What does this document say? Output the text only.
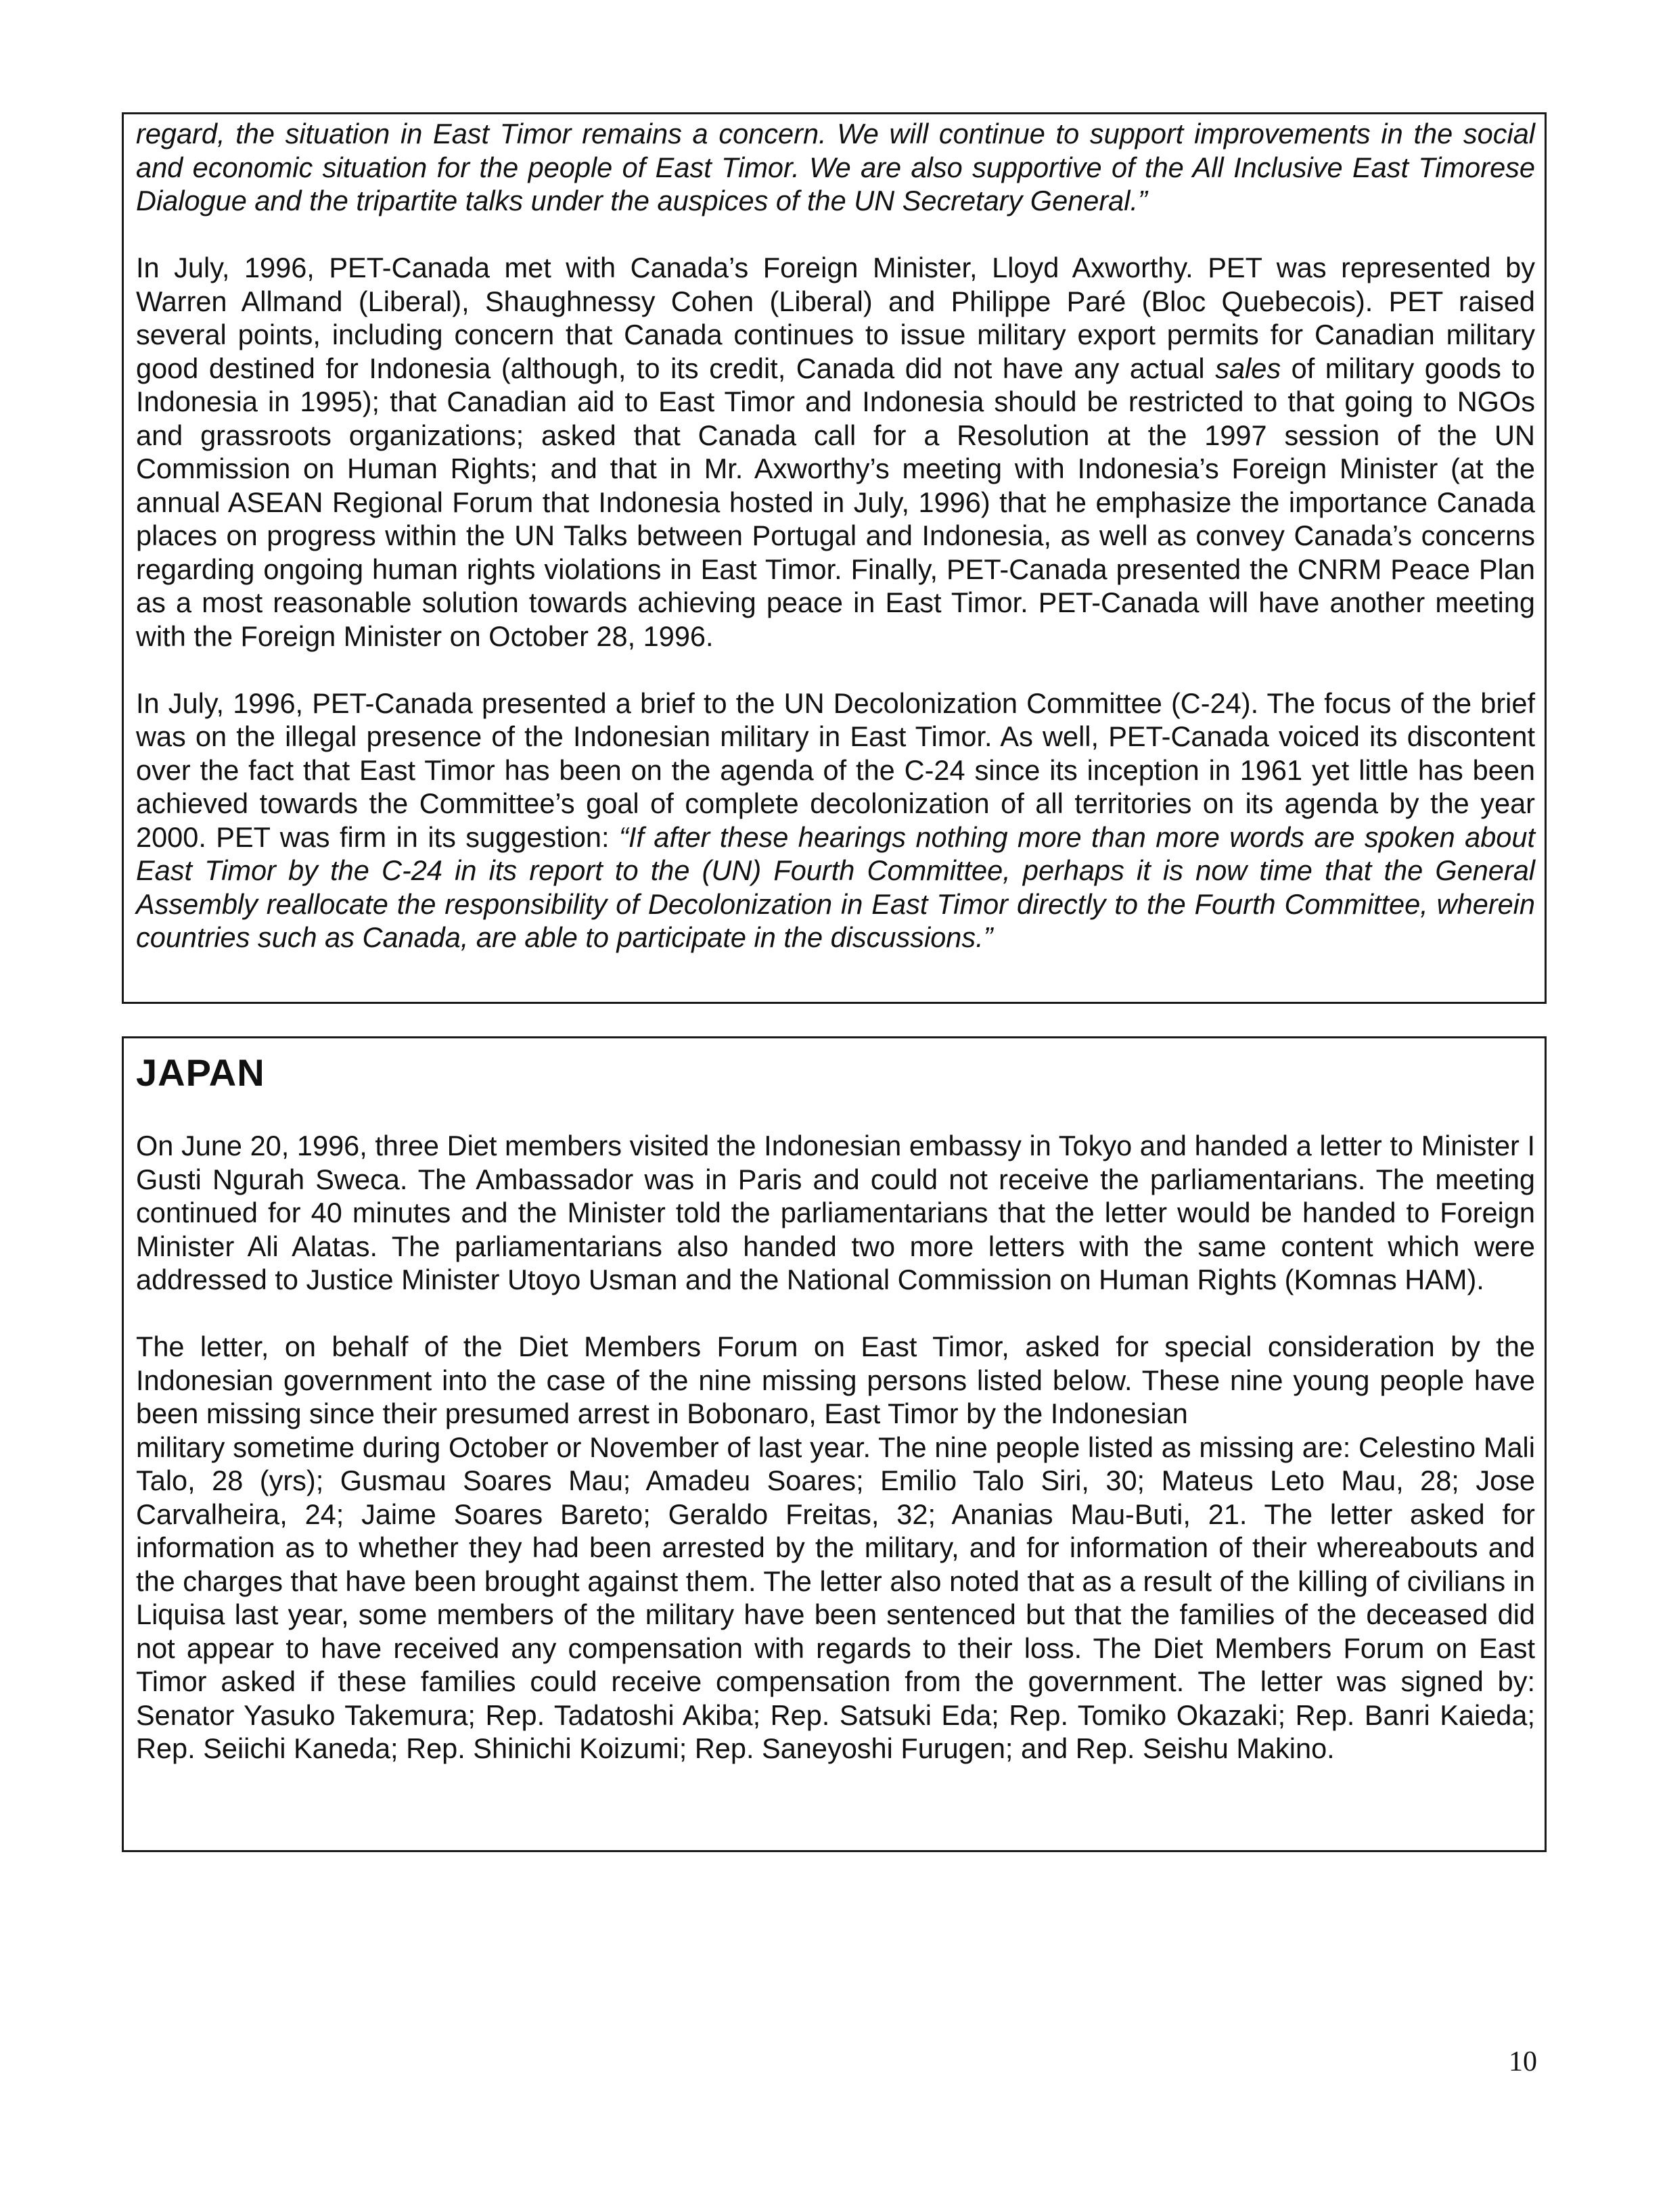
regard, the situation in East Timor remains a concern. We will continue to support improvements in the social and economic situation for the people of East Timor. We are also supportive of the All Inclusive East Timorese Dialogue and the tripartite talks under the auspices of the UN Secretary General.”

In July, 1996, PET-Canada met with Canada’s Foreign Minister, Lloyd Axworthy. PET was represented by Warren Allmand (Liberal), Shaughnessy Cohen (Liberal) and Philippe Paré (Bloc Quebecois). PET raised several points, including concern that Canada continues to issue military export permits for Canadian military good destined for Indonesia (although, to its credit, Canada did not have any actual sales of military goods to Indonesia in 1995); that Canadian aid to East Timor and Indonesia should be restricted to that going to NGOs and grassroots organizations; asked that Canada call for a Resolution at the 1997 session of the UN Commission on Human Rights; and that in Mr. Axworthy’s meeting with Indonesia’s Foreign Minister (at the annual ASEAN Regional Forum that Indonesia hosted in July, 1996) that he emphasize the importance Canada places on progress within the UN Talks between Portugal and Indonesia, as well as convey Canada’s concerns regarding ongoing human rights violations in East Timor. Finally, PET-Canada presented the CNRM Peace Plan as a most reasonable solution towards achieving peace in East Timor. PET-Canada will have another meeting with the Foreign Minister on October 28, 1996.

In July, 1996, PET-Canada presented a brief to the UN Decolonization Committee (C-24). The focus of the brief was on the illegal presence of the Indonesian military in East Timor. As well, PET-Canada voiced its discontent over the fact that East Timor has been on the agenda of the C-24 since its inception in 1961 yet little has been achieved towards the Committee’s goal of complete decolonization of all territories on its agenda by the year 2000. PET was firm in its suggestion: “If after these hearings nothing more than more words are spoken about East Timor by the C-24 in its report to the (UN) Fourth Committee, perhaps it is now time that the General Assembly reallocate the responsibility of Decolonization in East Timor directly to the Fourth Committee, wherein countries such as Canada, are able to participate in the discussions.”

JAPAN

On June 20, 1996, three Diet members visited the Indonesian embassy in Tokyo and handed a letter to Minister I Gusti Ngurah Sweca. The Ambassador was in Paris and could not receive the parliamentarians. The meeting continued for 40 minutes and the Minister told the parliamentarians that the letter would be handed to Foreign Minister Ali Alatas. The parliamentarians also handed two more letters with the same content which were addressed to Justice Minister Utoyo Usman and the National Commission on Human Rights (Komnas HAM).

The letter, on behalf of the Diet Members Forum on East Timor, asked for special consideration by the Indonesian government into the case of the nine missing persons listed below. These nine young people have been missing since their presumed arrest in Bobonaro, East Timor by the Indonesian
military sometime during October or November of last year. The nine people listed as missing are: Celestino Mali Talo, 28 (yrs); Gusmau Soares Mau; Amadeu Soares; Emilio Talo Siri, 30; Mateus Leto Mau, 28; Jose Carvalheira, 24; Jaime Soares Bareto; Geraldo Freitas, 32; Ananias Mau-Buti, 21. The letter asked for information as to whether they had been arrested by the military, and for information of their whereabouts and the charges that have been brought against them. The letter also noted that as a result of the killing of civilians in Liquisa last year, some members of the military have been sentenced but that the families of the deceased did not appear to have received any compensation with regards to their loss. The Diet Members Forum on East Timor asked if these families could receive compensation from the government. The letter was signed by: Senator Yasuko Takemura; Rep. Tadatoshi Akiba; Rep. Satsuki Eda; Rep. Tomiko Okazaki; Rep. Banri Kaieda; Rep. Seiichi Kaneda; Rep. Shinichi Koizumi; Rep. Saneyoshi Furugen; and Rep. Seishu Makino.

10
